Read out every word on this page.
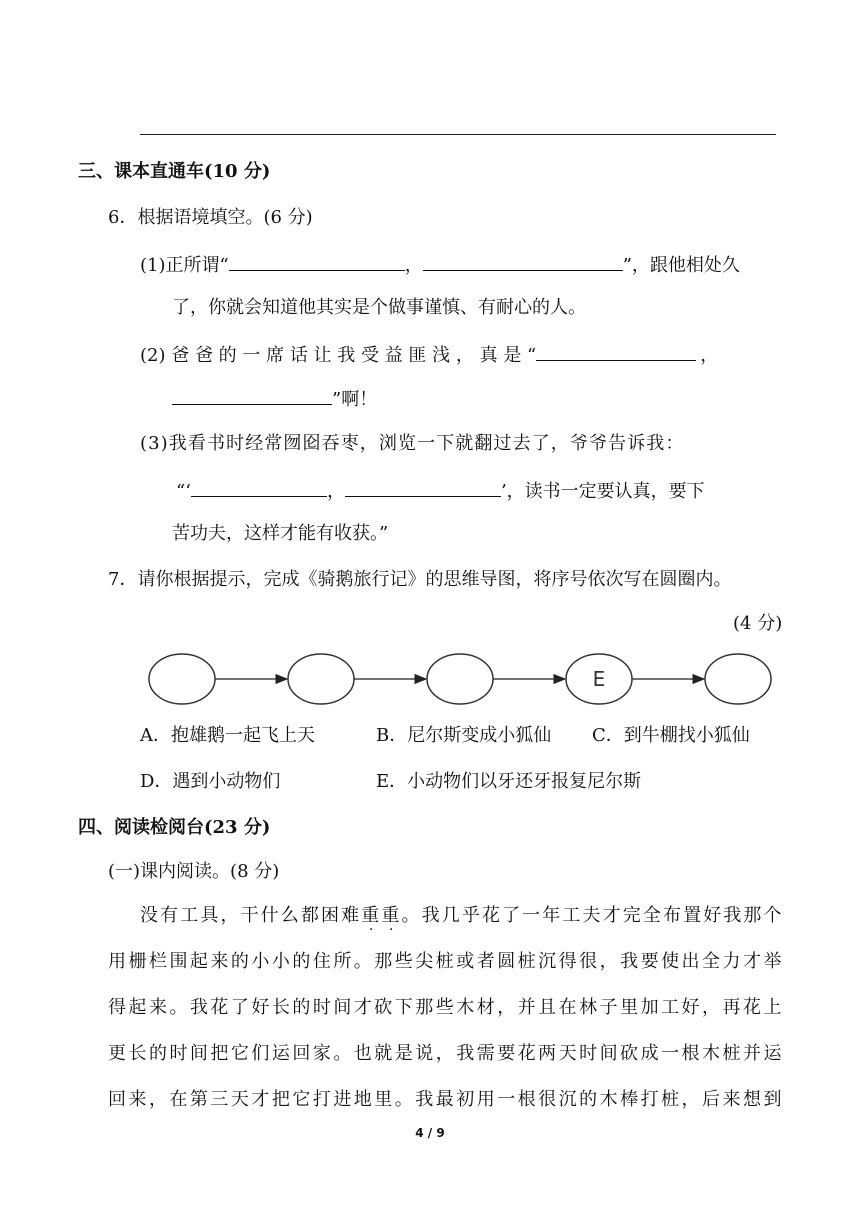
三、课本直通车(10 分)
6．根据语境填空。(6 分)
(1)正所谓“	，	”，跟他相处久
了，你就会知道他其实是个做事谨慎、有耐心的人。
(2) 爸 爸 的 一 席 话 让 我 受 益 匪 浅 ， 真 是 “	，
”啊！
(3)我看书时经常囫囵吞枣，浏览一下就翻过去了，爷爷告诉我：
“‘	，	’，读书一定要认真，要下
苦功夫，这样才能有收获。”
7．请你根据提示，完成《骑鹅旅行记》的思维导图，将序号依次写在圆圈内。
(4 分)
E
A．抱雄鹅一起飞上天	B．尼尔斯变成小狐仙 C．到牛棚找小狐仙
D．遇到小动物们	E．小动物们以牙还牙报复尼尔斯
四、阅读检阅台(23 分)
(一)课内阅读。(8 分)
没有工具，干什么都困难重重。我几乎花了一年工夫才完全布置好我那个
用栅栏围起来的小小的住所。那些尖桩或者圆桩沉得很，我要使出全力才举
得起来。我花了好长的时间才砍下那些木材，并且在林子里加工好，再花上
更长的时间把它们运回家。也就是说，我需要花两天时间砍成一根木桩并运
回来，在第三天才把它打进地里。我最初用一根很沉的木棒打桩，后来想到
4 / 9
